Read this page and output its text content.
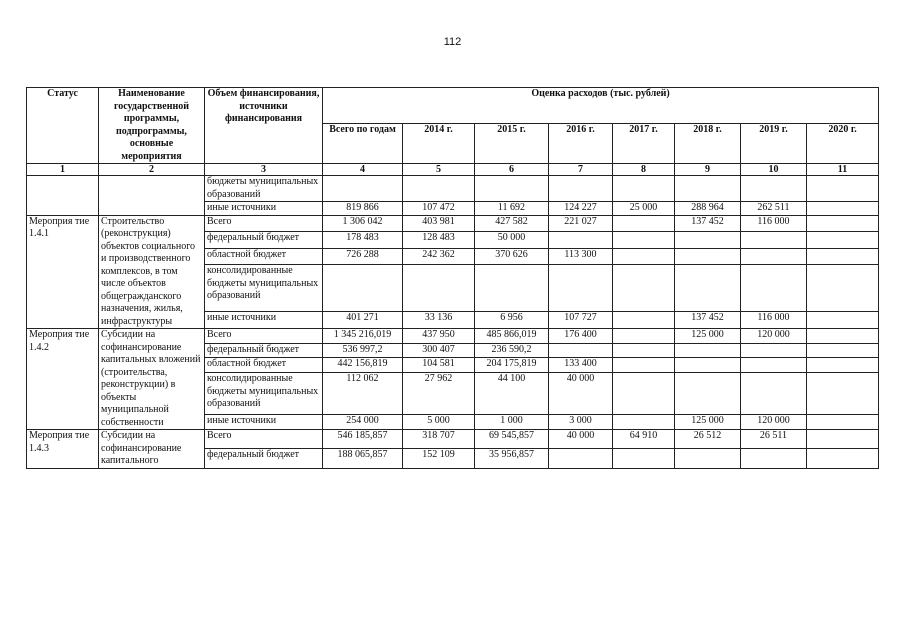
112
Статус	Наименование государственной программы, подпрограммы, основные мероприятия	Объем финансирования, источники финансирования	Оценка расходов (тыс. рублей)							
			Всего по годам	2014 г.	2015 г.	2016 г.	2017 г.	2018 г.	2019 г.	2020 г.
1	2	3	4	5	6	7	8	9	10	11
		бюджеты муниципальных образований								
		иные источники	819 866	107 472	11 692	124 227	25 000	288 964	262 511	
Мероприя тие 1.4.1	Строительство (реконструкция) объектов социального и производственного комплексов, в том числе объектов общегражданского назначения, жилья, инфраструктуры	Всего	1 306 042	403 981	427 582	221 027		137 452	116 000	
		федеральный бюджет	178 483	128 483	50 000					
		областной бюджет	726 288	242 362	370 626	113 300				
		консолидированные бюджеты муниципальных образований								
		иные источники	401 271	33 136	6 956	107 727		137 452	116 000	
Мероприя тие 1.4.2	Субсидии на софинансирование капитальных вложений (строительства, реконструкции) в объекты муниципальной собственности	Всего	1 345 216,019	437 950	485 866,019	176 400		125 000	120 000	
		федеральный бюджет	536 997,2	300 407	236 590,2					
		областной бюджет	442 156,819	104 581	204 175,819	133 400				
		консолидированные бюджеты муниципальных образований	112 062	27 962	44 100	40 000				
		иные источники	254 000	5 000	1 000	3 000		125 000	120 000	
Мероприя тие 1.4.3	Субсидии на софинансирование капитального	Всего	546 185,857	318 707	69 545,857	40 000	64 910	26 512	26 511	
		федеральный бюджет	188 065,857	152 109	35 956,857					
